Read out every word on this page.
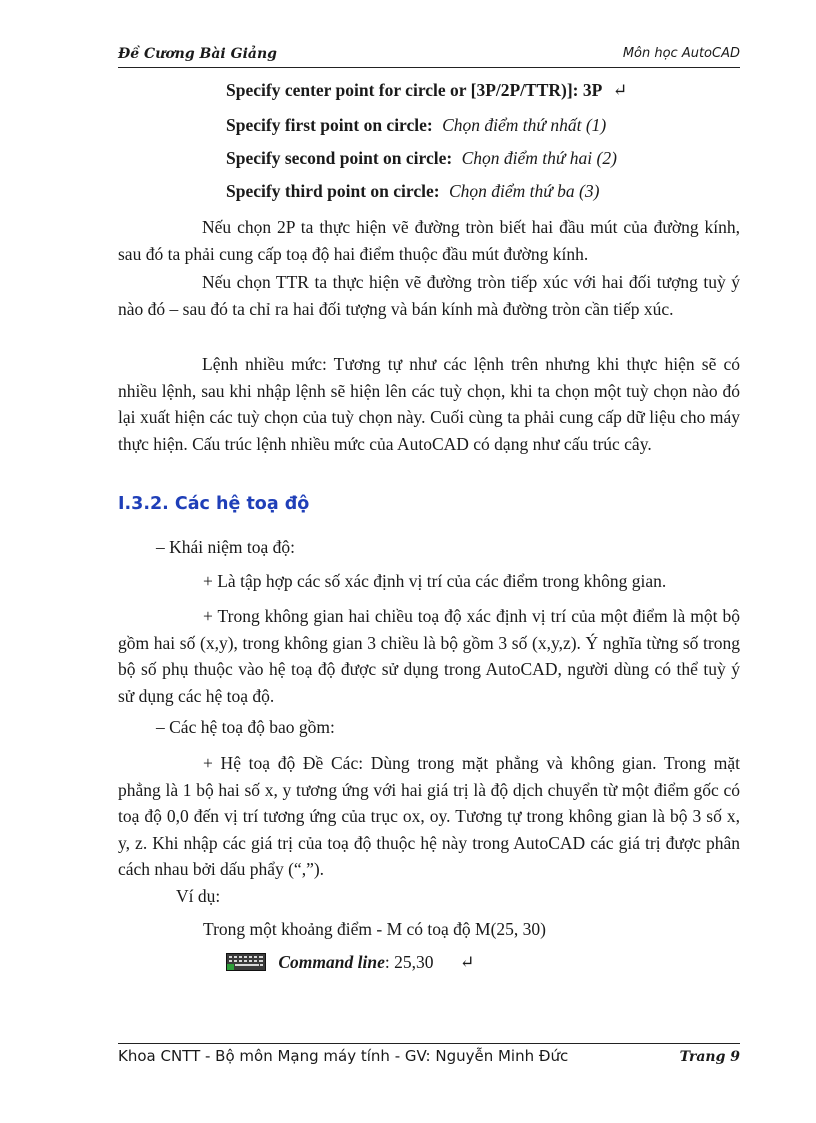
Đề Cương Bài Giảng	Môn học AutoCAD
Specify center point for circle or [3P/2P/TTR)]: 3P ↵
Specify first point on circle: Chọn điểm thứ nhất (1)
Specify second point on circle: Chọn điểm thứ hai (2)
Specify third point on circle: Chọn điểm thứ ba (3)

Nếu chọn 2P ta thực hiện vẽ đường tròn biết hai đầu mút của đường kính, sau đó ta phải cung cấp toạ độ hai điểm thuộc đầu mút đường kính.

Nếu chọn TTR ta thực hiện vẽ đường tròn tiếp xúc với hai đối tượng tuỳ ý nào đó – sau đó ta chỉ ra hai đối tượng và bán kính mà đường tròn cần tiếp xúc.

Lệnh nhiều mức: Tương tự như các lệnh trên nhưng khi thực hiện sẽ có nhiều lệnh, sau khi nhập lệnh sẽ hiện lên các tuỳ chọn, khi ta chọn một tuỳ chọn nào đó lại xuất hiện các tuỳ chọn của tuỳ chọn này. Cuối cùng ta phải cung cấp dữ liệu cho máy thực hiện. Cấu trúc lệnh nhiều mức của AutoCAD có dạng như cấu trúc cây.

I.3.2. Các hệ toạ độ
– Khái niệm toạ độ:
+ Là tập hợp các số xác định vị trí của các điểm trong không gian.

+ Trong không gian hai chiều toạ độ xác định vị trí của một điểm là một bộ gồm hai số (x,y), trong không gian 3 chiều là bộ gồm 3 số (x,y,z). Ý nghĩa từng số trong bộ số phụ thuộc vào hệ toạ độ được sử dụng trong AutoCAD, người dùng có thể tuỳ ý sử dụng các hệ toạ độ.

– Các hệ toạ độ bao gồm:

+ Hệ toạ độ Đề Các: Dùng trong mặt phẳng và không gian. Trong mặt phẳng là 1 bộ hai số x, y tương ứng với hai giá trị là độ dịch chuyển từ một điểm gốc có toạ độ 0,0 đến vị trí tương ứng của trục ox, oy. Tương tự trong không gian là bộ 3 số x, y, z. Khi nhập các giá trị của toạ độ thuộc hệ này trong AutoCAD các giá trị được phân cách nhau bởi dấu phẩy (“,”).

Ví dụ:
Trong một khoảng điểm - M có toạ độ M(25, 30)
Command line: 25,30 ↵
Khoa CNTT - Bộ môn Mạng máy tính - GV: Nguyễn Minh Đức	Trang 9
